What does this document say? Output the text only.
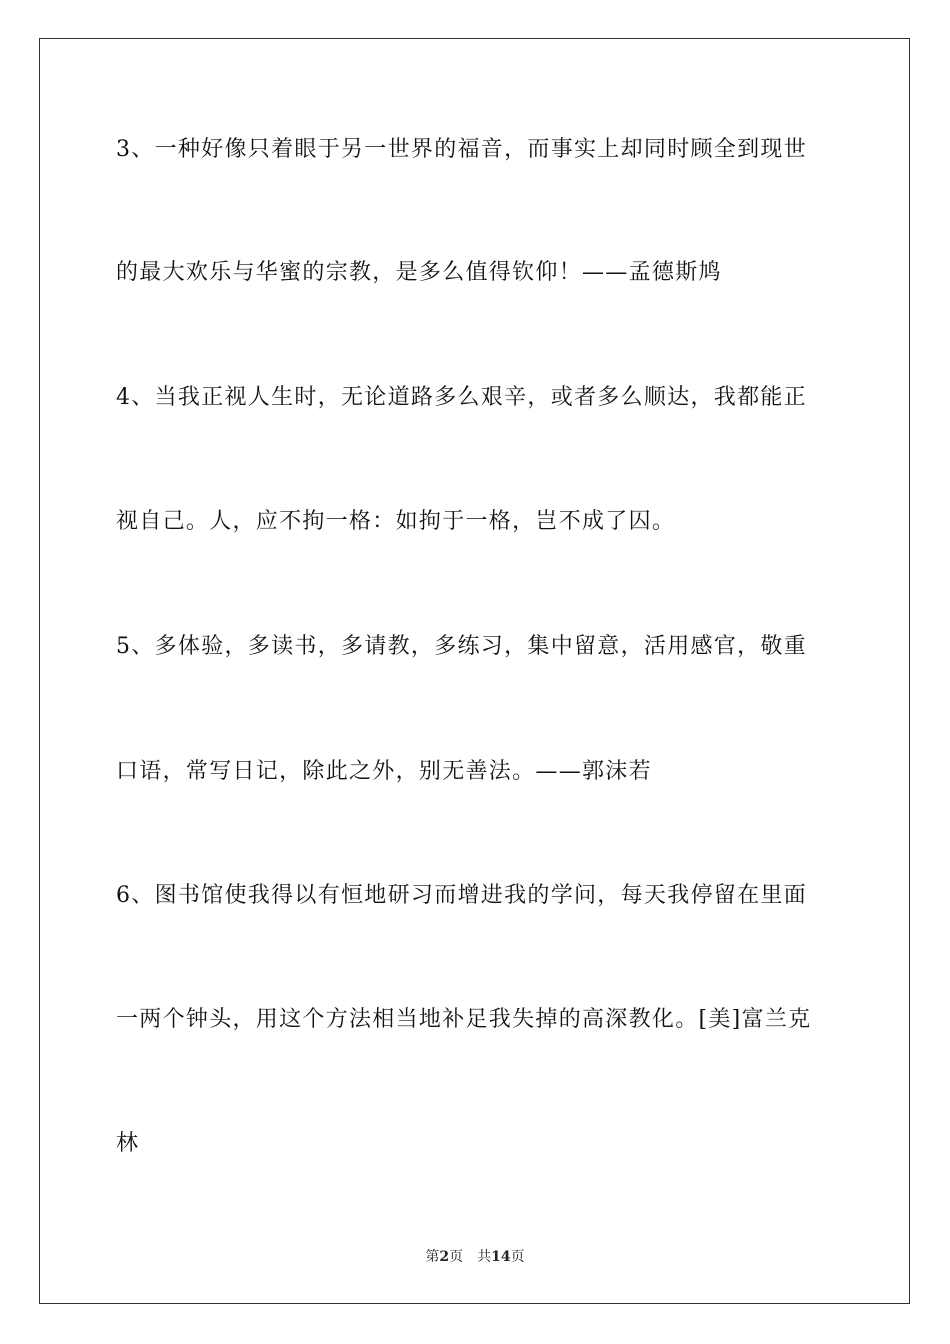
3、一种好像只着眼于另一世界的福音，而事实上却同时顾全到现世
的最大欢乐与华蜜的宗教，是多么值得钦仰！——孟德斯鸠
4、当我正视人生时，无论道路多么艰辛，或者多么顺达，我都能正
视自己。人，应不拘一格：如拘于一格，岂不成了囚。
5、多体验，多读书，多请教，多练习，集中留意，活用感官，敬重
口语，常写日记，除此之外，别无善法。——郭沫若
6、图书馆使我得以有恒地研习而增进我的学问，每天我停留在里面
一两个钟头，用这个方法相当地补足我失掉的高深教化。[美]富兰克
林
第2页 共14页
